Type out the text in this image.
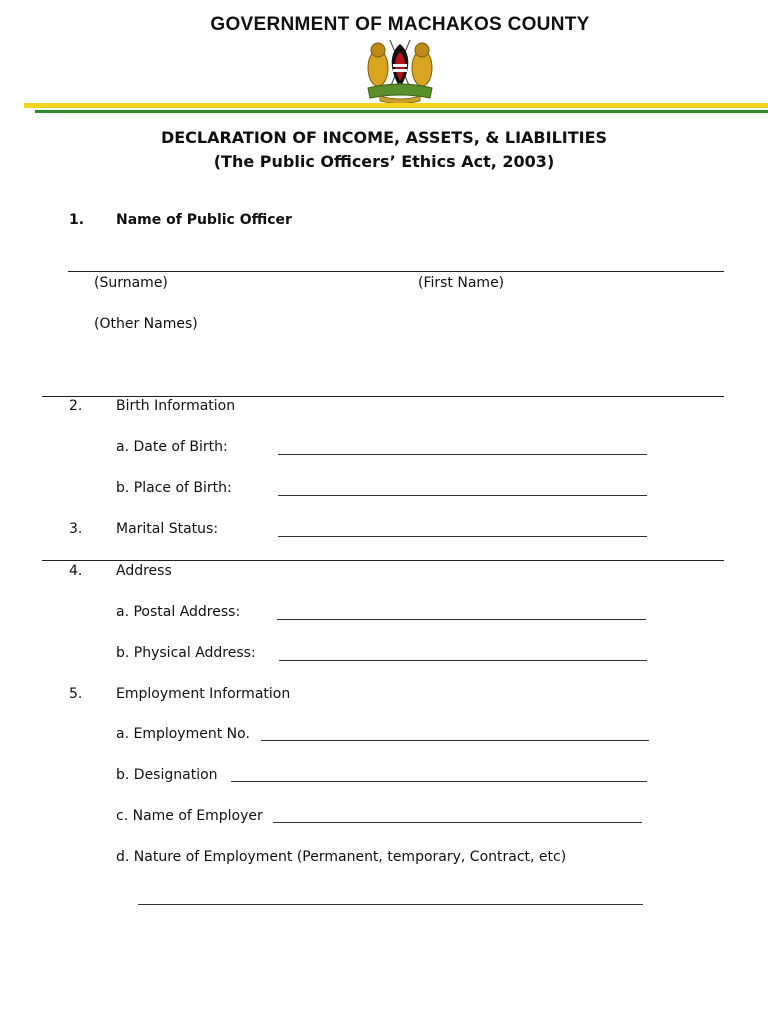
GOVERNMENT OF MACHAKOS COUNTY
DECLARATION OF INCOME, ASSETS, & LIABILITIES
(The Public Officers’ Ethics Act, 2003)
1. Name of Public Officer
(Surname)	(First Name)
(Other Names)
2. Birth Information
a. Date of Birth:
b. Place of Birth:
3. Marital Status:
4. Address
a. Postal Address:
b. Physical Address:
5. Employment Information
a. Employment No.
b. Designation
c. Name of Employer
d. Nature of Employment (Permanent, temporary, Contract, etc)
